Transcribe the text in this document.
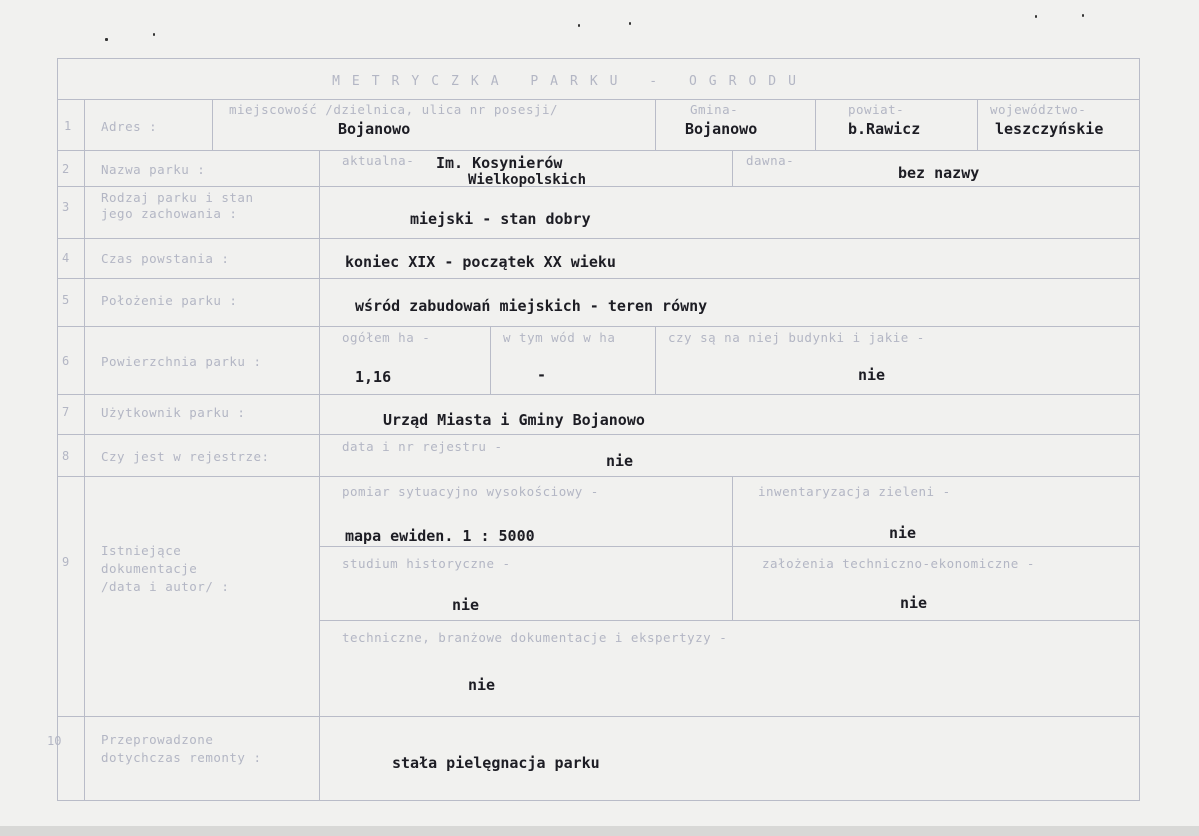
METRYCZKA PARKU - OGRODU
1 Adres :
miejscowość /dzielnica, ulica nr posesji/
Bojanowo
Gmina-
Bojanowo
powiat-
b.Rawicz
województwo-
leszczyńskie
2	Nazwa parku :
aktualna- Im. Kosynierów
Wielkopolskich
dawna-
bez nazwy
3
Rodzaj parku i stan
jego zachowania :	miejski - stan dobry
4	Czas powstania :	koniec XIX - początek XX wieku
5	Położenie parku :	wśród zabudowań miejskich - teren równy
6	Powierzchnia parku :
ogółem ha -
1,16
w tym wód w ha
-
czy są na niej budynki i jakie -
nie
7	Użytkownik parku :	Urząd Miasta i Gminy Bojanowo
8	Czy jest w rejestrze:
data i nr rejestru -
nie
9
Istniejące
dokumentacje
/data i autor/ :
pomiar sytuacyjno wysokościowy -
mapa ewiden. 1 : 5000
inwentaryzacja zieleni -
nie
studium historyczne -
nie
założenia techniczno-ekonomiczne -
nie
techniczne, branżowe dokumentacje i ekspertyzy -
nie
10	Przeprowadzone
dotychczas remonty :	stała pielęgnacja parku
